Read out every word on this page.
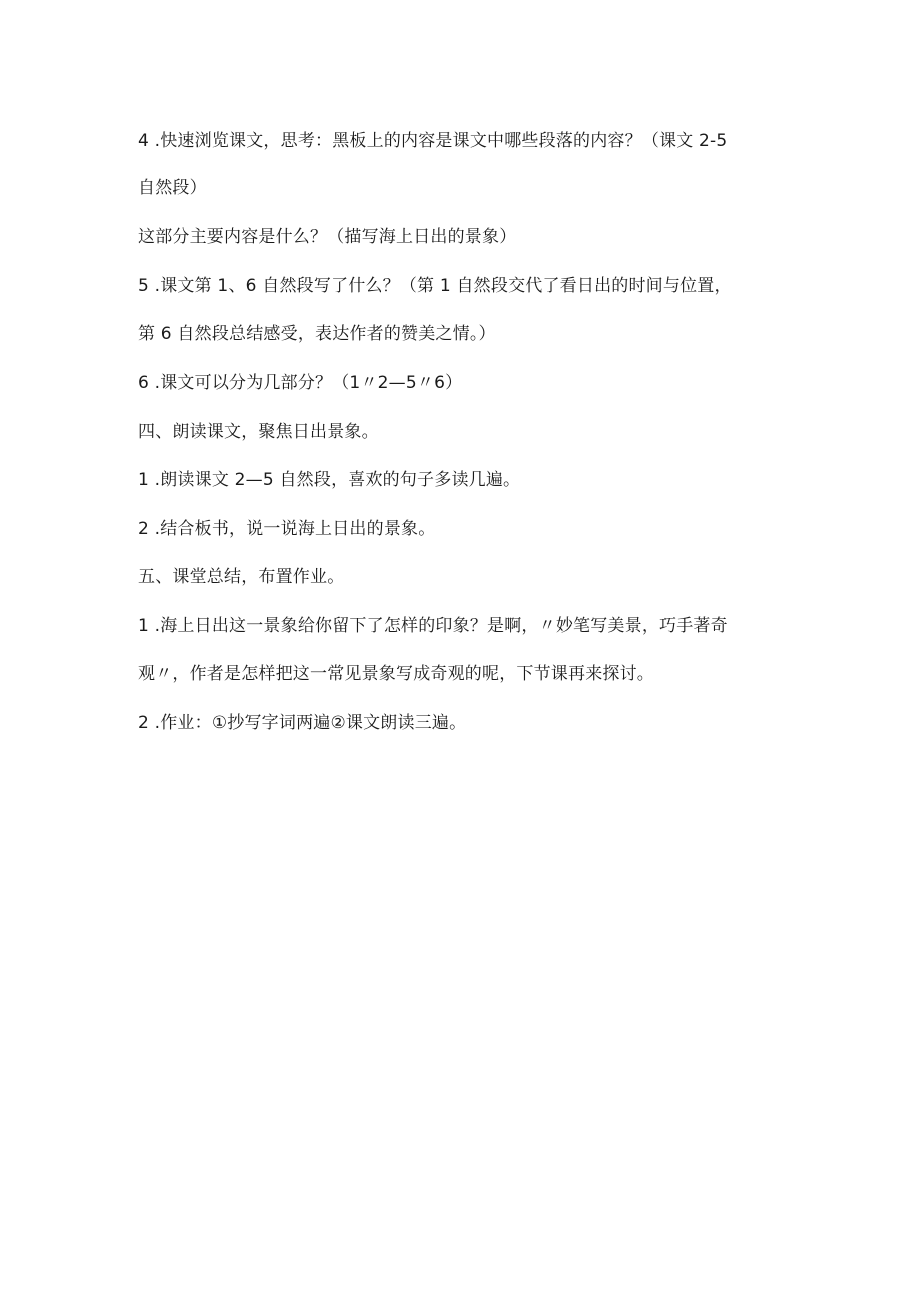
4 .快速浏览课文，思考：黑板上的内容是课文中哪些段落的内容？（课文 2-5
自然段）
这部分主要内容是什么？（描写海上日出的景象）
5 .课文第 1、6 自然段写了什么？（第 1 自然段交代了看日出的时间与位置，
第 6 自然段总结感受，表达作者的赞美之情。）
6 .课文可以分为几部分？（1〃2—5〃6）
四、朗读课文，聚焦日出景象。
1 .朗读课文 2—5 自然段，喜欢的句子多读几遍。
2 .结合板书，说一说海上日出的景象。
五、课堂总结，布置作业。
1 .海上日出这一景象给你留下了怎样的印象？是啊，〃妙笔写美景，巧手著奇
观〃，作者是怎样把这一常见景象写成奇观的呢，下节课再来探讨。
2 .作业：①抄写字词两遍②课文朗读三遍。
